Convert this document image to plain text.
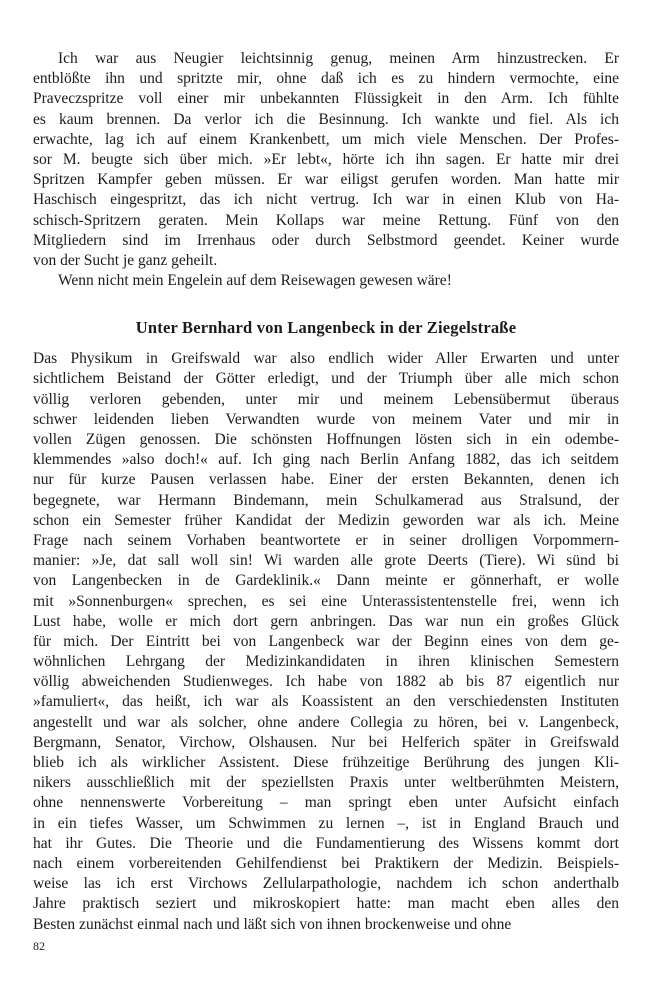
Ich war aus Neugier leichtsinnig genug, meinen Arm hinzustrecken. Er
entblößte ihn und spritzte mir, ohne daß ich es zu hindern vermochte, eine
Praveczspritze voll einer mir unbekannten Flüssigkeit in den Arm. Ich fühlte
es kaum brennen. Da verlor ich die Besinnung. Ich wankte und fiel. Als ich
erwachte, lag ich auf einem Krankenbett, um mich viele Menschen. Der Profes-
sor M. beugte sich über mich. »Er lebt«, hörte ich ihn sagen. Er hatte mir drei
Spritzen Kampfer geben müssen. Er war eiligst gerufen worden. Man hatte mir
Haschisch eingespritzt, das ich nicht vertrug. Ich war in einen Klub von Ha-
schisch-Spritzern geraten. Mein Kollaps war meine Rettung. Fünf von den
Mitgliedern sind im Irrenhaus oder durch Selbstmord geendet. Keiner wurde
von der Sucht je ganz geheilt.
Wenn nicht mein Engelein auf dem Reisewagen gewesen wäre!
Unter Bernhard von Langenbeck in der Ziegelstraße
Das Physikum in Greifswald war also endlich wider Aller Erwarten und unter
sichtlichem Beistand der Götter erledigt, und der Triumph über alle mich schon
völlig verloren gebenden, unter mir und meinem Lebensübermut überaus
schwer leidenden lieben Verwandten wurde von meinem Vater und mir in
vollen Zügen genossen. Die schönsten Hoffnungen lösten sich in ein odembe-
klemmendes »also doch!« auf. Ich ging nach Berlin Anfang 1882, das ich seitdem
nur für kurze Pausen verlassen habe. Einer der ersten Bekannten, denen ich
begegnete, war Hermann Bindemann, mein Schulkamerad aus Stralsund, der
schon ein Semester früher Kandidat der Medizin geworden war als ich. Meine
Frage nach seinem Vorhaben beantwortete er in seiner drolligen Vorpommern-
manier: »Je, dat sall woll sin! Wi warden alle grote Deerts (Tiere). Wi sünd bi
von Langenbecken in de Gardeklinik.« Dann meinte er gönnerhaft, er wolle
mit »Sonnenburgen« sprechen, es sei eine Unterassistentenstelle frei, wenn ich
Lust habe, wolle er mich dort gern anbringen. Das war nun ein großes Glück
für mich. Der Eintritt bei von Langenbeck war der Beginn eines von dem ge-
wöhnlichen Lehrgang der Medizinkandidaten in ihren klinischen Semestern
völlig abweichenden Studienweges. Ich habe von 1882 ab bis 87 eigentlich nur
»famuliert«, das heißt, ich war als Koassistent an den verschiedensten Instituten
angestellt und war als solcher, ohne andere Collegia zu hören, bei v. Langenbeck,
Bergmann, Senator, Virchow, Olshausen. Nur bei Helferich später in Greifswald
blieb ich als wirklicher Assistent. Diese frühzeitige Berührung des jungen Kli-
nikers ausschließlich mit der speziellsten Praxis unter weltberühmten Meistern,
ohne nennenswerte Vorbereitung – man springt eben unter Aufsicht einfach
in ein tiefes Wasser, um Schwimmen zu lernen –, ist in England Brauch und
hat ihr Gutes. Die Theorie und die Fundamentierung des Wissens kommt dort
nach einem vorbereitenden Gehilfendienst bei Praktikern der Medizin. Beispiels-
weise las ich erst Virchows Zellularpathologie, nachdem ich schon anderthalb
Jahre praktisch seziert und mikroskopiert hatte: man macht eben alles den
Besten zunächst einmal nach und läßt sich von ihnen brockenweise und ohne
82
